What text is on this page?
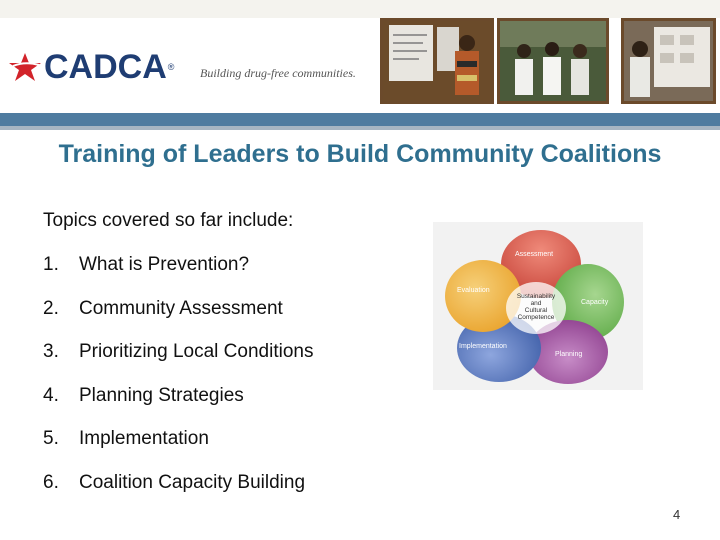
CADCA ® Building drug-free communities.
Training of Leaders to Build Community Coalitions
Topics covered so far include:
1.	What is Prevention?
2.	Community Assessment
3.	Prioritizing Local Conditions
4.	Planning Strategies
5.	Implementation
6.	Coalition Capacity Building
Assessment
Capacity
Planning
Implementation
Evaluation
Sustainability
and
Cultural
Competence
4
